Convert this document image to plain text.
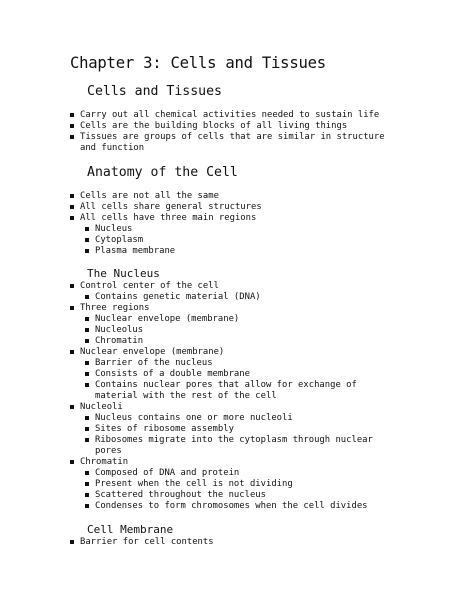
Chapter 3: Cells and Tissues
Cells and Tissues
Carry out all chemical activities needed to sustain life
Cells are the building blocks of all living things
Tissues are groups of cells that are similar in structure
and function
Anatomy of the Cell
Cells are not all the same
All cells share general structures
All cells have three main regions
Nucleus
Cytoplasm
Plasma membrane
The Nucleus
Control center of the cell
Contains genetic material (DNA)
Three regions
Nuclear envelope (membrane)
Nucleolus
Chromatin
Nuclear envelope (membrane)
Barrier of the nucleus
Consists of a double membrane
Contains nuclear pores that allow for exchange of
material with the rest of the cell
Nucleoli
Nucleus contains one or more nucleoli
Sites of ribosome assembly
Ribosomes migrate into the cytoplasm through nuclear
pores
Chromatin
Composed of DNA and protein
Present when the cell is not dividing
Scattered throughout the nucleus
Condenses to form chromosomes when the cell divides
Cell Membrane
Barrier for cell contents
